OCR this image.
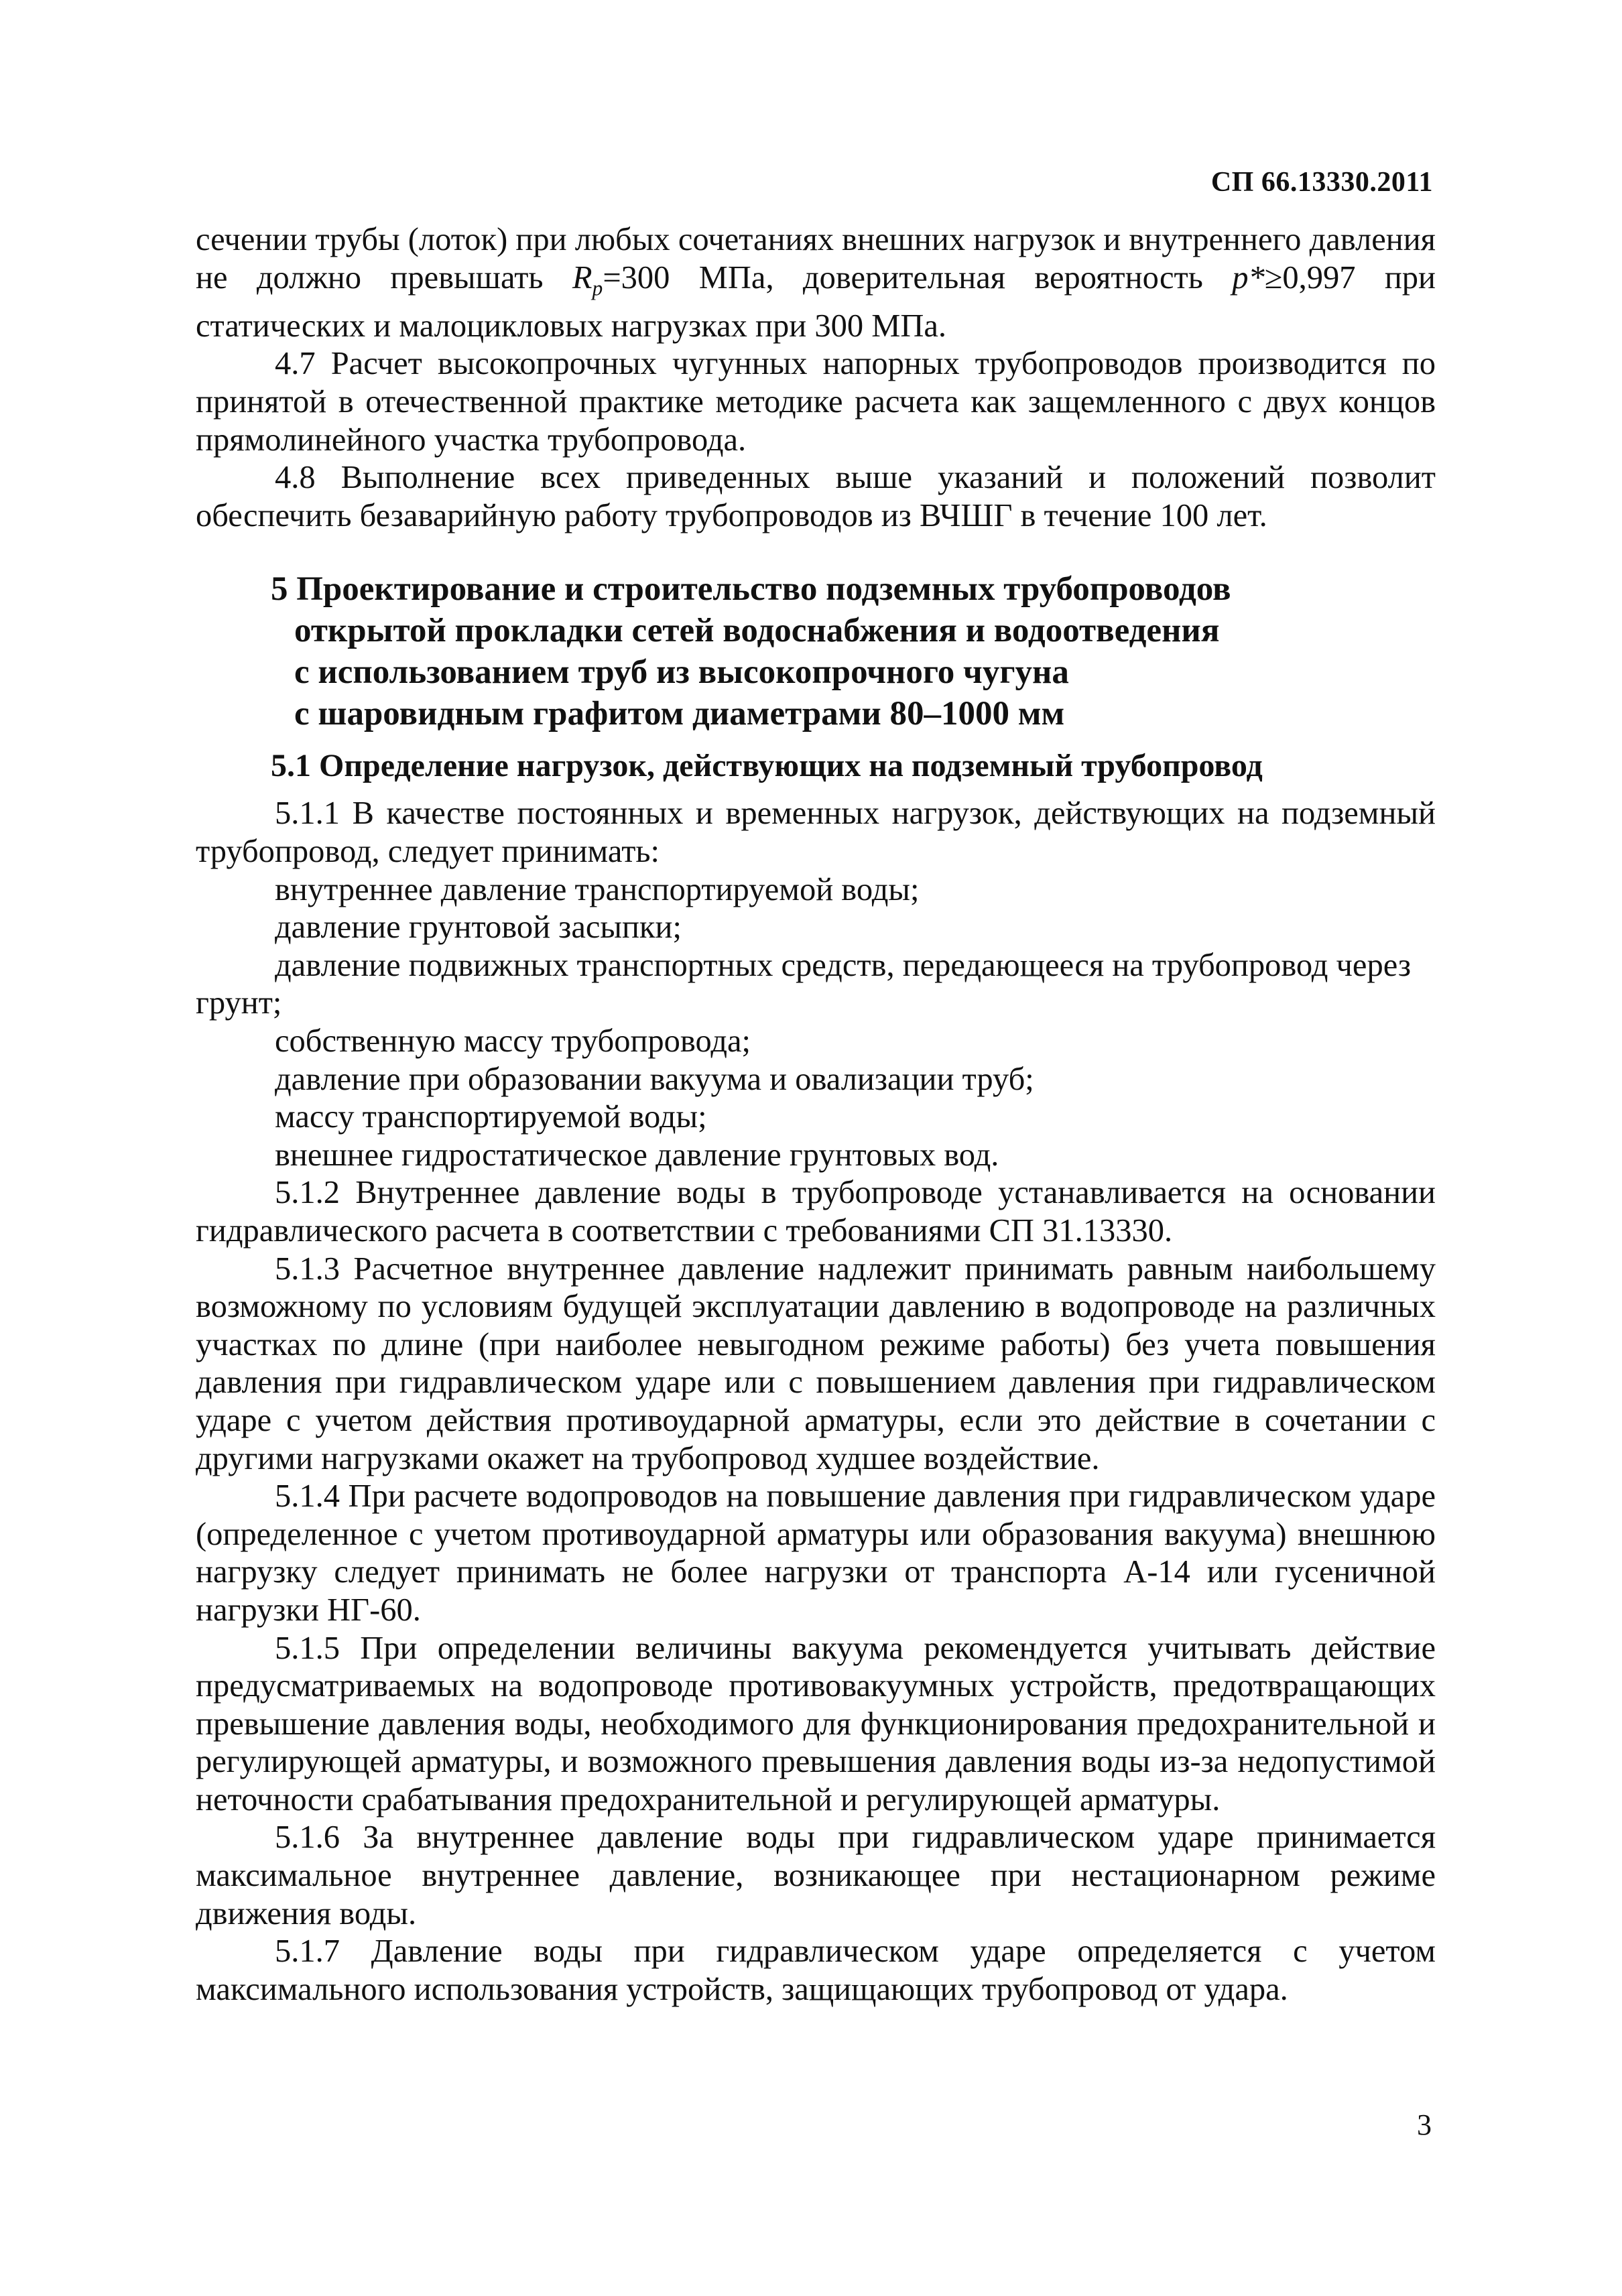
СП 66.13330.2011

сечении трубы (лоток) при любых сочетаниях внешних нагрузок и внутреннего давления не должно превышать $R_p=300$ МПа, доверительная вероятность p*≥0,997 при статических и малоцикловых нагрузках при 300 МПа.

4.7 Расчет высокопрочных чугунных напорных трубопроводов производится по принятой в отечественной практике методике расчета как защемленного с двух концов прямолинейного участка трубопровода.

4.8 Выполнение всех приведенных выше указаний и положений позволит обеспечить безаварийную работу трубопроводов из ВЧШГ в течение 100 лет.

5 Проектирование и строительство подземных трубопроводов
открытой прокладки сетей водоснабжения и водоотведения
с использованием труб из высокопрочного чугуна
с шаровидным графитом диаметрами 80–1000 мм

5.1 Определение нагрузок, действующих на подземный трубопровод

5.1.1 В качестве постоянных и временных нагрузок, действующих на подземный трубопровод, следует принимать:

внутреннее давление транспортируемой воды;

давление грунтовой засыпки;

давление подвижных транспортных средств, передающееся на трубопровод через грунт;

собственную массу трубопровода;

давление при образовании вакуума и овализации труб;

массу транспортируемой воды;

внешнее гидростатическое давление грунтовых вод.

5.1.2 Внутреннее давление воды в трубопроводе устанавливается на основании гидравлического расчета в соответствии с требованиями СП 31.13330.

5.1.3 Расчетное внутреннее давление надлежит принимать равным наибольшему возможному по условиям будущей эксплуатации давлению в водопроводе на различных участках по длине (при наиболее невыгодном режиме работы) без учета повышения давления при гидравлическом ударе или с повышением давления при гидравлическом ударе с учетом действия противоударной арматуры, если это действие в сочетании с другими нагрузками окажет на трубопровод худшее воздействие.

5.1.4 При расчете водопроводов на повышение давления при гидравлическом ударе (определенное с учетом противоударной арматуры или образования вакуума) внешнюю нагрузку следует принимать не более нагрузки от транспорта А-14 или гусеничной нагрузки НГ-60.

5.1.5 При определении величины вакуума рекомендуется учитывать действие предусматриваемых на водопроводе противовакуумных устройств, предотвращающих превышение давления воды, необходимого для функционирования предохранительной и регулирующей арматуры, и возможного превышения давления воды из-за недопустимой неточности срабатывания предохранительной и регулирующей арматуры.

5.1.6 За внутреннее давление воды при гидравлическом ударе принимается максимальное внутреннее давление, возникающее при нестационарном режиме движения воды.

5.1.7 Давление воды при гидравлическом ударе определяется с учетом максимального использования устройств, защищающих трубопровод от удара.

3
